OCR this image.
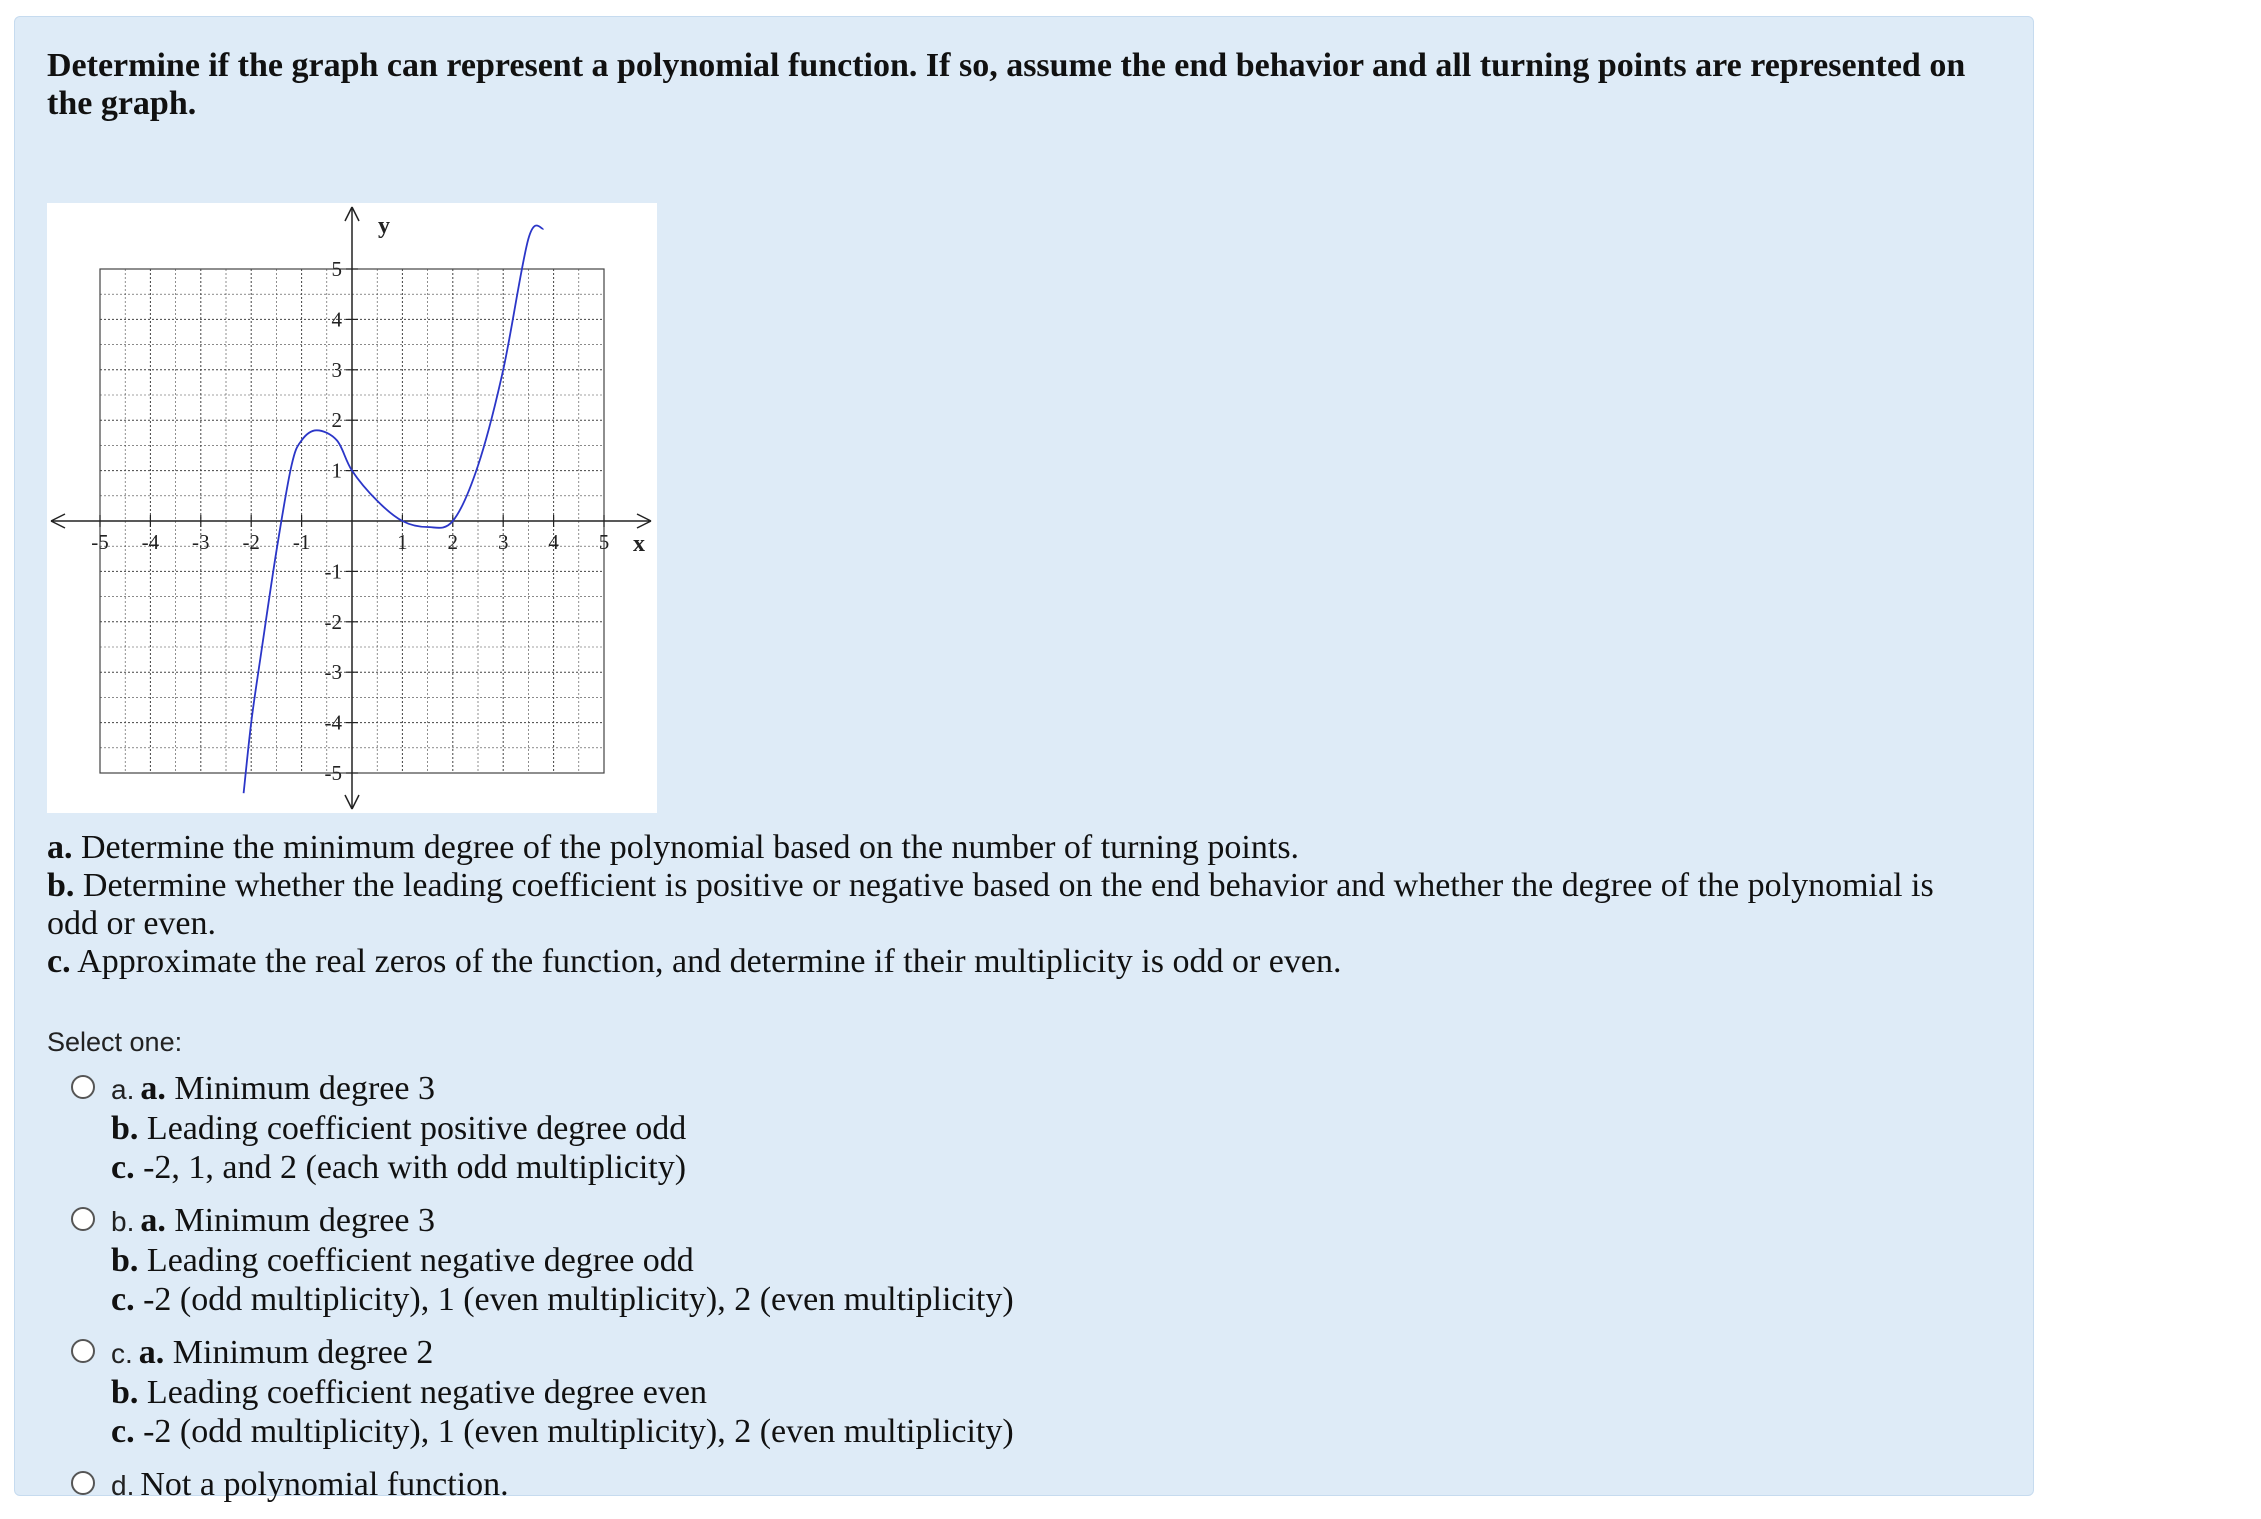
Determine if the graph can represent a polynomial function. If so, assume the end behavior and all turning points are represented on the graph.

-5 -4 -3 -2 -1	1 2 3 4 5
5
4
3
2
1
-1
-2
-3
-4
-5
x
y
a. Determine the minimum degree of the polynomial based on the number of turning points.
b. Determine whether the leading coefficient is positive or negative based on the end behavior and whether the degree of the polynomial is odd or even.
c. Approximate the real zeros of the function, and determine if their multiplicity is odd or even.
Select one:
a. a. Minimum degree 3
b. Leading coefficient positive degree odd
c. -2, 1, and 2 (each with odd multiplicity)
b. a. Minimum degree 3
b. Leading coefficient negative degree odd
c. -2 (odd multiplicity), 1 (even multiplicity), 2 (even multiplicity)
c. a. Minimum degree 2
b. Leading coefficient negative degree even
c. -2 (odd multiplicity), 1 (even multiplicity), 2 (even multiplicity)
d. Not a polynomial function.
